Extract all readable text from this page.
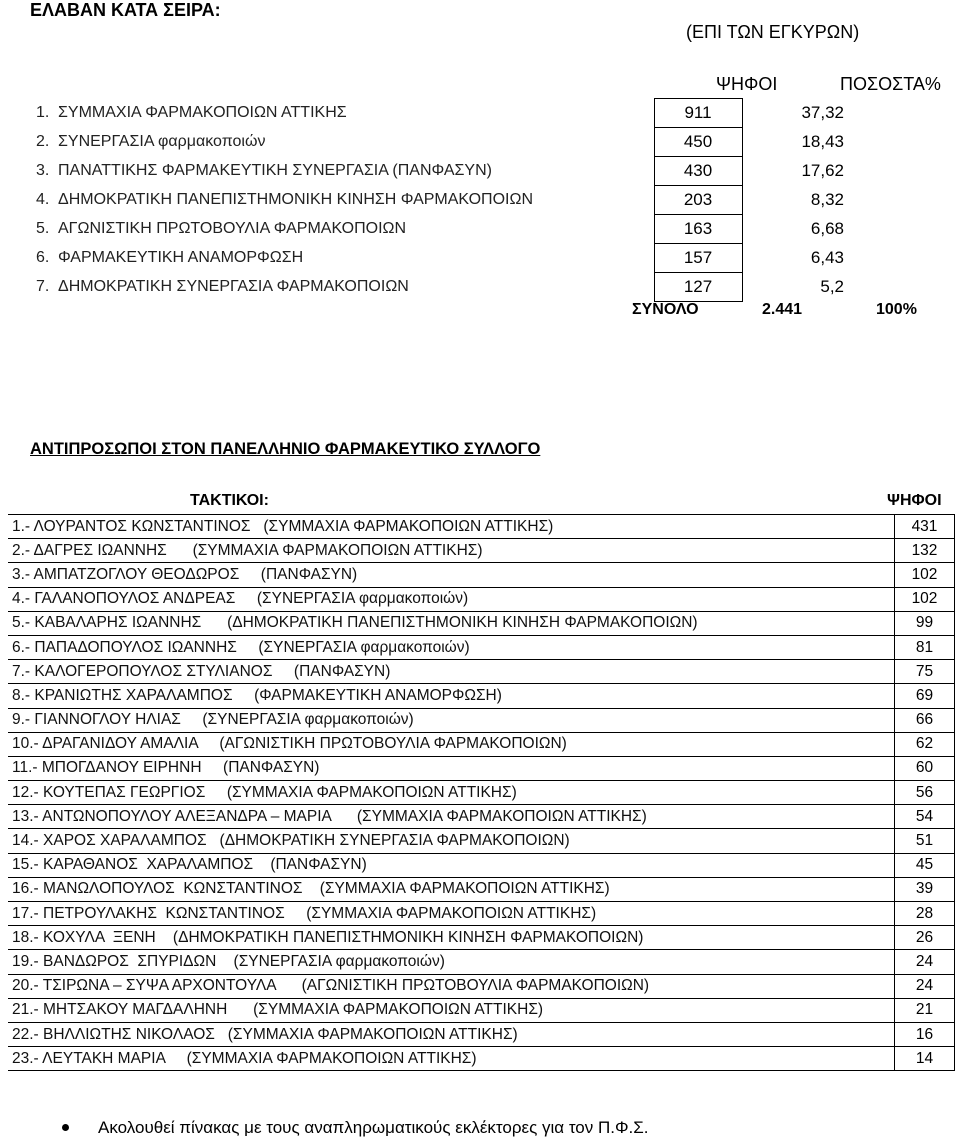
ΕΛΑΒΑΝ ΚΑΤΑ ΣΕΙΡΑ:
(ΕΠΙ ΤΩΝ ΕΓΚΥΡΩΝ)
ΨΗΦΟΙ	ΠΟΣΟΣΤΑ%
1. ΣΥΜΜΑΧΙΑ ΦΑΡΜΑΚΟΠΟΙΩΝ ΑΤΤΙΚΗΣ	911	37,32
2. ΣΥΝΕΡΓΑΣΙΑ φαρμακοποιών	450	18,43
3. ΠΑΝΑΤΤΙΚΗΣ ΦΑΡΜΑΚΕΥΤΙΚΗ ΣΥΝΕΡΓΑΣΙΑ (ΠΑΝΦΑΣΥΝ)	430	17,62
4. ΔΗΜΟΚΡΑΤΙΚΗ ΠΑΝΕΠΙΣΤΗΜΟΝΙΚΗ ΚΙΝΗΣΗ ΦΑΡΜΑΚΟΠΟΙΩΝ	203	8,32
5. ΑΓΩΝΙΣΤΙΚΗ ΠΡΩΤΟΒΟΥΛΙΑ ΦΑΡΜΑΚΟΠΟΙΩΝ	163	6,68
6. ΦΑΡΜΑΚΕΥΤΙΚΗ ΑΝΑΜΟΡΦΩΣΗ	157	6,43
7. ΔΗΜΟΚΡΑΤΙΚΗ ΣΥΝΕΡΓΑΣΙΑ ΦΑΡΜΑΚΟΠΟΙΩΝ	127	5,2
ΣΥΝΟΛΟ	2.441	100%
ΑΝΤΙΠΡΟΣΩΠΟΙ ΣΤΟΝ ΠΑΝΕΛΛΗΝΙΟ ΦΑΡΜΑΚΕΥΤΙΚΟ ΣΥΛΛΟΓΟ
ΤΑΚΤΙΚΟΙ:	ΨΗΦΟΙ
1.- ΛΟΥΡΑΝΤΟΣ ΚΩΝΣΤΑΝΤΙΝΟΣ   (ΣΥΜΜΑΧΙΑ ΦΑΡΜΑΚΟΠΟΙΩΝ ΑΤΤΙΚΗΣ)	431
2.- ΔΑΓΡΕΣ ΙΩΑΝΝΗΣ      (ΣΥΜΜΑΧΙΑ ΦΑΡΜΑΚΟΠΟΙΩΝ ΑΤΤΙΚΗΣ)	132
3.- ΑΜΠΑΤΖΟΓΛΟΥ ΘΕΟΔΩΡΟΣ     (ΠΑΝΦΑΣΥΝ)	102
4.- ΓΑΛΑΝΟΠΟΥΛΟΣ ΑΝΔΡΕΑΣ     (ΣΥΝΕΡΓΑΣΙΑ φαρμακοποιών)	102
5.- ΚΑΒΑΛΑΡΗΣ ΙΩΑΝΝΗΣ      (ΔΗΜΟΚΡΑΤΙΚΗ ΠΑΝΕΠΙΣΤΗΜΟΝΙΚΗ ΚΙΝΗΣΗ ΦΑΡΜΑΚΟΠΟΙΩΝ)	99
6.- ΠΑΠΑΔΟΠΟΥΛΟΣ ΙΩΑΝΝΗΣ     (ΣΥΝΕΡΓΑΣΙΑ φαρμακοποιών)	81
7.- ΚΑΛΟΓΕΡΟΠΟΥΛΟΣ ΣΤΥΛΙΑΝΟΣ     (ΠΑΝΦΑΣΥΝ)	75
8.- ΚΡΑΝΙΩΤΗΣ ΧΑΡΑΛΑΜΠΟΣ     (ΦΑΡΜΑΚΕΥΤΙΚΗ ΑΝΑΜΟΡΦΩΣΗ)	69
9.- ΓΙΑΝΝΟΓΛΟΥ ΗΛΙΑΣ     (ΣΥΝΕΡΓΑΣΙΑ φαρμακοποιών)	66
10.- ΔΡΑΓΑΝΙΔΟΥ ΑΜΑΛΙΑ     (ΑΓΩΝΙΣΤΙΚΗ ΠΡΩΤΟΒΟΥΛΙΑ ΦΑΡΜΑΚΟΠΟΙΩΝ)	62
11.- ΜΠΟΓΔΑΝΟΥ ΕΙΡΗΝΗ     (ΠΑΝΦΑΣΥΝ)	60
12.- ΚΟΥΤΕΠΑΣ ΓΕΩΡΓΙΟΣ     (ΣΥΜΜΑΧΙΑ ΦΑΡΜΑΚΟΠΟΙΩΝ ΑΤΤΙΚΗΣ)	56
13.- ΑΝΤΩΝΟΠΟΥΛΟΥ ΑΛΕΞΑΝΔΡΑ – ΜΑΡΙΑ      (ΣΥΜΜΑΧΙΑ ΦΑΡΜΑΚΟΠΟΙΩΝ ΑΤΤΙΚΗΣ)	54
14.- ΧΑΡΟΣ ΧΑΡΑΛΑΜΠΟΣ   (ΔΗΜΟΚΡΑΤΙΚΗ ΣΥΝΕΡΓΑΣΙΑ ΦΑΡΜΑΚΟΠΟΙΩΝ)	51
15.- ΚΑΡΑΘΑΝΟΣ  ΧΑΡΑΛΑΜΠΟΣ    (ΠΑΝΦΑΣΥΝ)	45
16.- ΜΑΝΩΛΟΠΟΥΛΟΣ  ΚΩΝΣΤΑΝΤΙΝΟΣ    (ΣΥΜΜΑΧΙΑ ΦΑΡΜΑΚΟΠΟΙΩΝ ΑΤΤΙΚΗΣ)	39
17.- ΠΕΤΡΟΥΛΑΚΗΣ  ΚΩΝΣΤΑΝΤΙΝΟΣ     (ΣΥΜΜΑΧΙΑ ΦΑΡΜΑΚΟΠΟΙΩΝ ΑΤΤΙΚΗΣ)	28
18.- ΚΟΧΥΛΑ  ΞΕΝΗ    (ΔΗΜΟΚΡΑΤΙΚΗ ΠΑΝΕΠΙΣΤΗΜΟΝΙΚΗ ΚΙΝΗΣΗ ΦΑΡΜΑΚΟΠΟΙΩΝ)	26
19.- ΒΑΝΔΩΡΟΣ  ΣΠΥΡΙΔΩΝ    (ΣΥΝΕΡΓΑΣΙΑ φαρμακοποιών)	24
20.- ΤΣΙΡΩΝΑ – ΣΥΨΑ ΑΡΧΟΝΤΟΥΛΑ      (ΑΓΩΝΙΣΤΙΚΗ ΠΡΩΤΟΒΟΥΛΙΑ ΦΑΡΜΑΚΟΠΟΙΩΝ)	24
21.- ΜΗΤΣΑΚΟΥ ΜΑΓΔΑΛΗΝΗ      (ΣΥΜΜΑΧΙΑ ΦΑΡΜΑΚΟΠΟΙΩΝ ΑΤΤΙΚΗΣ)	21
22.- ΒΗΛΛΙΩΤΗΣ ΝΙΚΟΛΑΟΣ   (ΣΥΜΜΑΧΙΑ ΦΑΡΜΑΚΟΠΟΙΩΝ ΑΤΤΙΚΗΣ)	16
23.- ΛΕΥΤΑΚΗ ΜΑΡΙΑ     (ΣΥΜΜΑΧΙΑ ΦΑΡΜΑΚΟΠΟΙΩΝ ΑΤΤΙΚΗΣ)	14
Ακολουθεί πίνακας με τους αναπληρωματικούς εκλέκτορες για τον Π.Φ.Σ.
